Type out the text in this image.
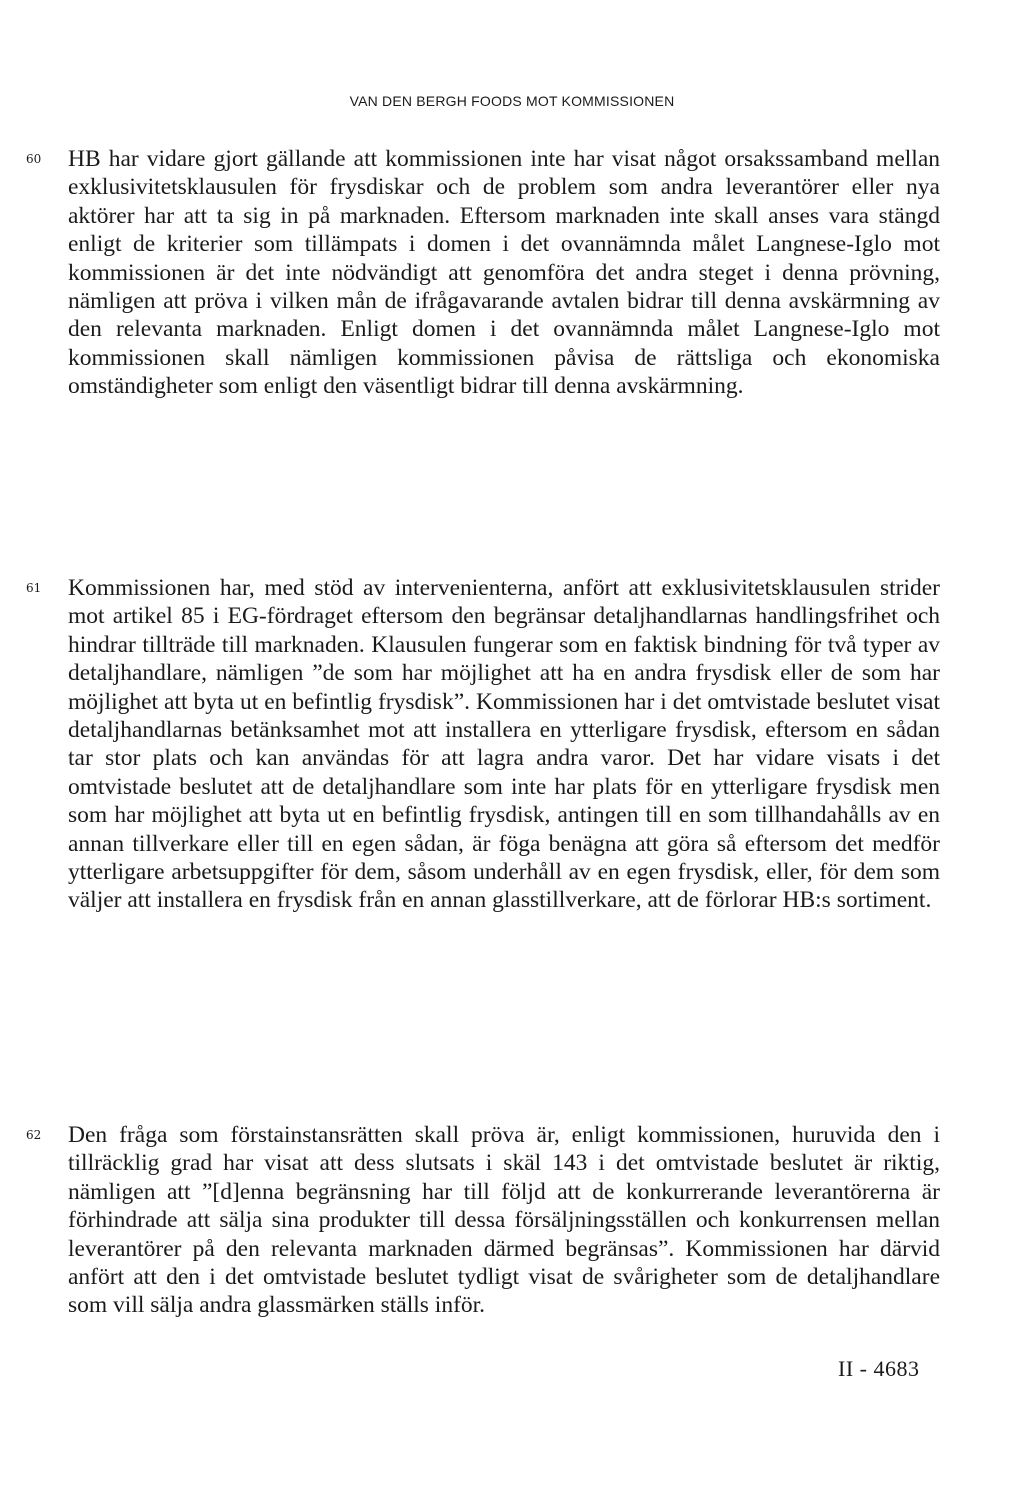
VAN DEN BERGH FOODS MOT KOMMISSIONEN
60	HB har vidare gjort gällande att kommissionen inte har visat något orsakssamband mellan exklusivitetsklausulen för frysdiskar och de problem som andra leverantörer eller nya aktörer har att ta sig in på marknaden. Eftersom marknaden inte skall anses vara stängd enligt de kriterier som tillämpats i domen i det ovannämnda målet Langnese-Iglo mot kommissionen är det inte nödvändigt att genomföra det andra steget i denna prövning, nämligen att pröva i vilken mån de ifrågavarande avtalen bidrar till denna avskärmning av den relevanta marknaden. Enligt domen i det ovannämnda målet Langnese-Iglo mot kommissionen skall nämligen kommissionen påvisa de rättsliga och ekonomiska omständigheter som enligt den väsentligt bidrar till denna avskärmning.
61	Kommissionen har, med stöd av intervenienterna, anfört att exklusivitetsklausulen strider mot artikel 85 i EG-fördraget eftersom den begränsar detaljhandlarnas handlingsfrihet och hindrar tillträde till marknaden. Klausulen fungerar som en faktisk bindning för två typer av detaljhandlare, nämligen ”de som har möjlighet att ha en andra frysdisk eller de som har möjlighet att byta ut en befintlig frysdisk”. Kommissionen har i det omtvistade beslutet visat detaljhandlarnas betänksamhet mot att installera en ytterligare frysdisk, eftersom en sådan tar stor plats och kan användas för att lagra andra varor. Det har vidare visats i det omtvistade beslutet att de detaljhandlare som inte har plats för en ytterligare frysdisk men som har möjlighet att byta ut en befintlig frysdisk, antingen till en som tillhandahålls av en annan tillverkare eller till en egen sådan, är föga benägna att göra så eftersom det medför ytterligare arbetsuppgifter för dem, såsom underhåll av en egen frysdisk, eller, för dem som väljer att installera en frysdisk från en annan glasstillverkare, att de förlorar HB:s sortiment.
62	Den fråga som förstainstansrätten skall pröva är, enligt kommissionen, huruvida den i tillräcklig grad har visat att dess slutsats i skäl 143 i det omtvistade beslutet är riktig, nämligen att ”[d]enna begränsning har till följd att de konkurrerande leverantörerna är förhindrade att sälja sina produkter till dessa försäljningsställen och konkurrensen mellan leverantörer på den relevanta marknaden därmed begränsas”. Kommissionen har därvid anfört att den i det omtvistade beslutet tydligt visat de svårigheter som de detaljhandlare som vill sälja andra glassmärken ställs inför.
II - 4683
